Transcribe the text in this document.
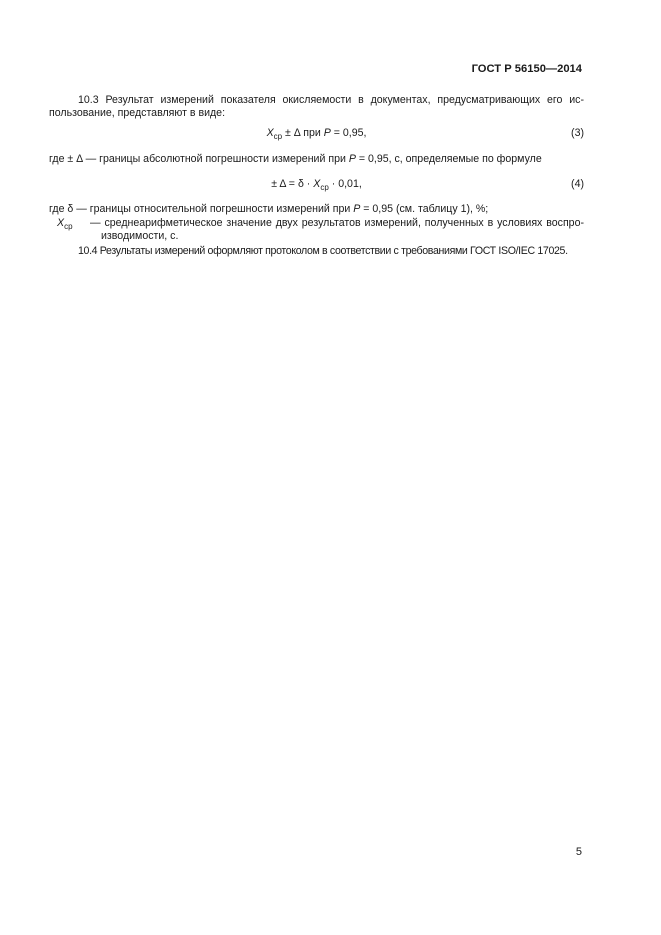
ГОСТ Р 56150—2014
10.3 Результат измерений показателя окисляемости в документах, предусматривающих его ис-
пользование, представляют в виде:
$X_{ср} \pm \Delta$ при P = 0,95,	(3)
где ± Δ — границы абсолютной погрешности измерений при P = 0,95, с, определяемые по формуле
± $\Delta = \delta \cdot X_{ср} \cdot 0,01$,	(4)
где δ — границы относительной погрешности измерений при P = 0,95 (см. таблицу 1), %;
$X_{ср}$ — среднеарифметическое значение двух результатов измерений, полученных в условиях воспро-
изводимости, с.
10.4 Результаты измерений оформляют протоколом в соответствии с требованиями ГОСТ ISO/IEC 17025.
5
